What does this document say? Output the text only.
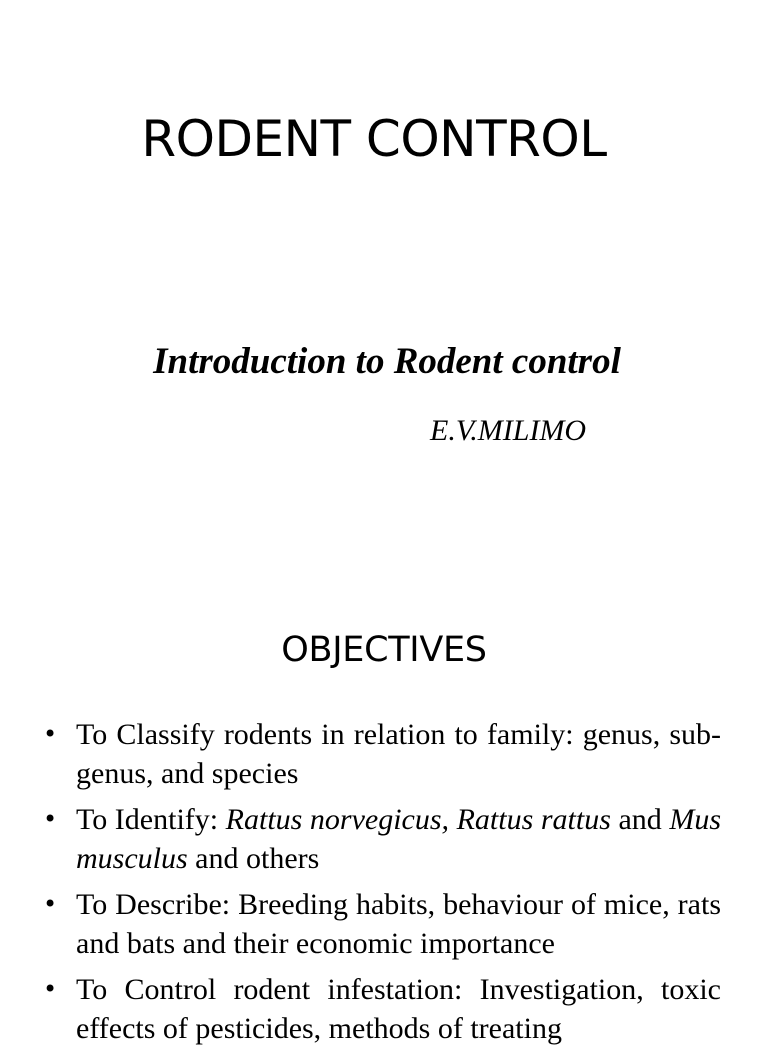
RODENT CONTROL
Introduction to Rodent control
E.V.MILIMO
OBJECTIVES
• To Classify rodents in relation to family: genus, sub-genus, and species
• To Identify: Rattus norvegicus, Rattus rattus and Mus musculus and others
• To Describe: Breeding habits, behaviour of mice, rats and bats and their economic importance
• To Control rodent infestation: Investigation, toxic effects of pesticides, methods of treating
